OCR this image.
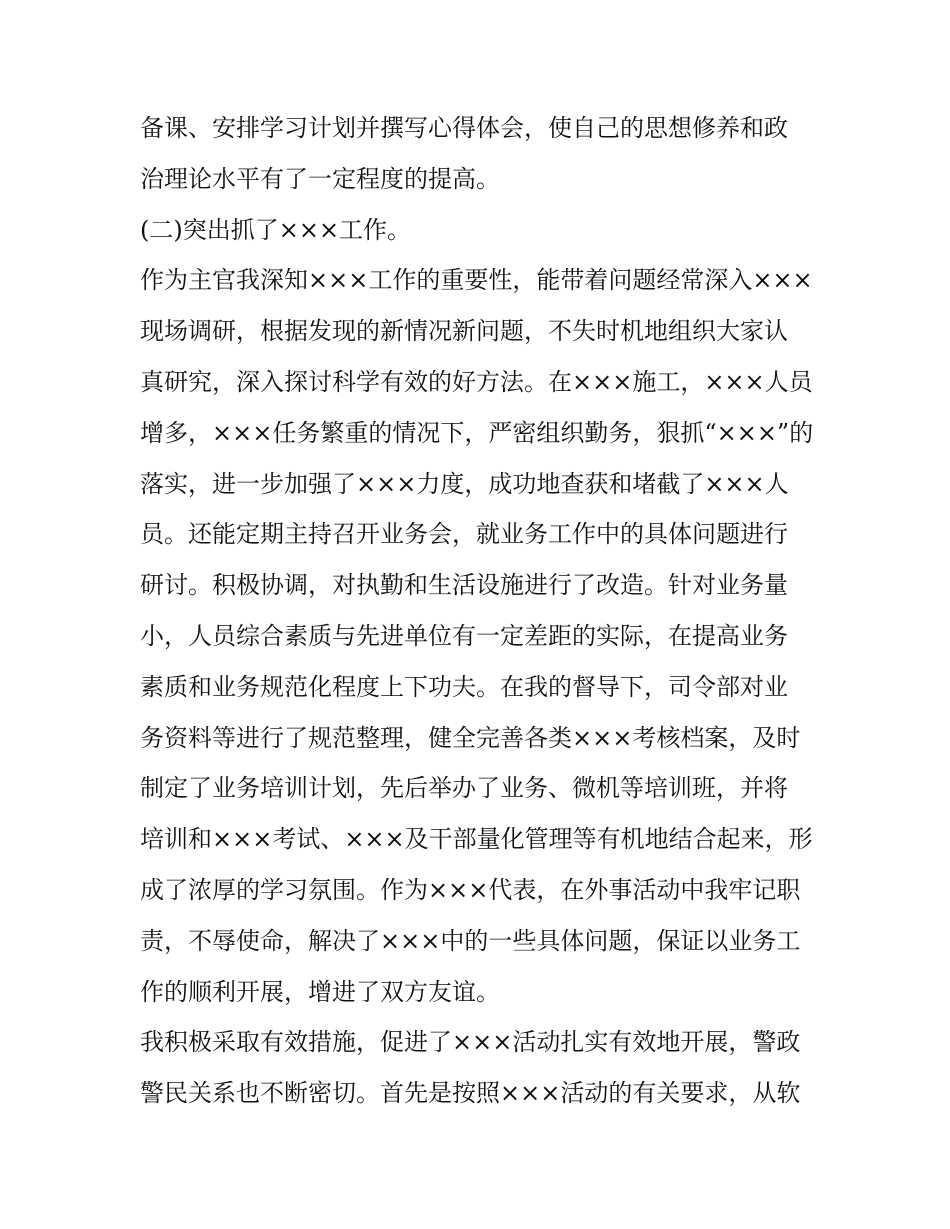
备课、安排学习计划并撰写心得体会，使自己的思想修养和政
治理论水平有了一定程度的提高。
(二)突出抓了×××工作。
作为主官我深知×××工作的重要性，能带着问题经常深入×××
现场调研，根据发现的新情况新问题，不失时机地组织大家认
真研究，深入探讨科学有效的好方法。在×××施工，×××人员
增多，×××任务繁重的情况下，严密组织勤务，狠抓“×××”的
落实，进一步加强了×××力度，成功地查获和堵截了×××人
员。还能定期主持召开业务会，就业务工作中的具体问题进行
研讨。积极协调，对执勤和生活设施进行了改造。针对业务量
小，人员综合素质与先进单位有一定差距的实际，在提高业务
素质和业务规范化程度上下功夫。在我的督导下，司令部对业
务资料等进行了规范整理，健全完善各类×××考核档案，及时
制定了业务培训计划，先后举办了业务、微机等培训班，并将
培训和×××考试、×××及干部量化管理等有机地结合起来，形
成了浓厚的学习氛围。作为×××代表，在外事活动中我牢记职
责，不辱使命，解决了×××中的一些具体问题，保证以业务工
作的顺利开展，增进了双方友谊。
我积极采取有效措施，促进了×××活动扎实有效地开展，警政
警民关系也不断密切。首先是按照×××活动的有关要求，从软
